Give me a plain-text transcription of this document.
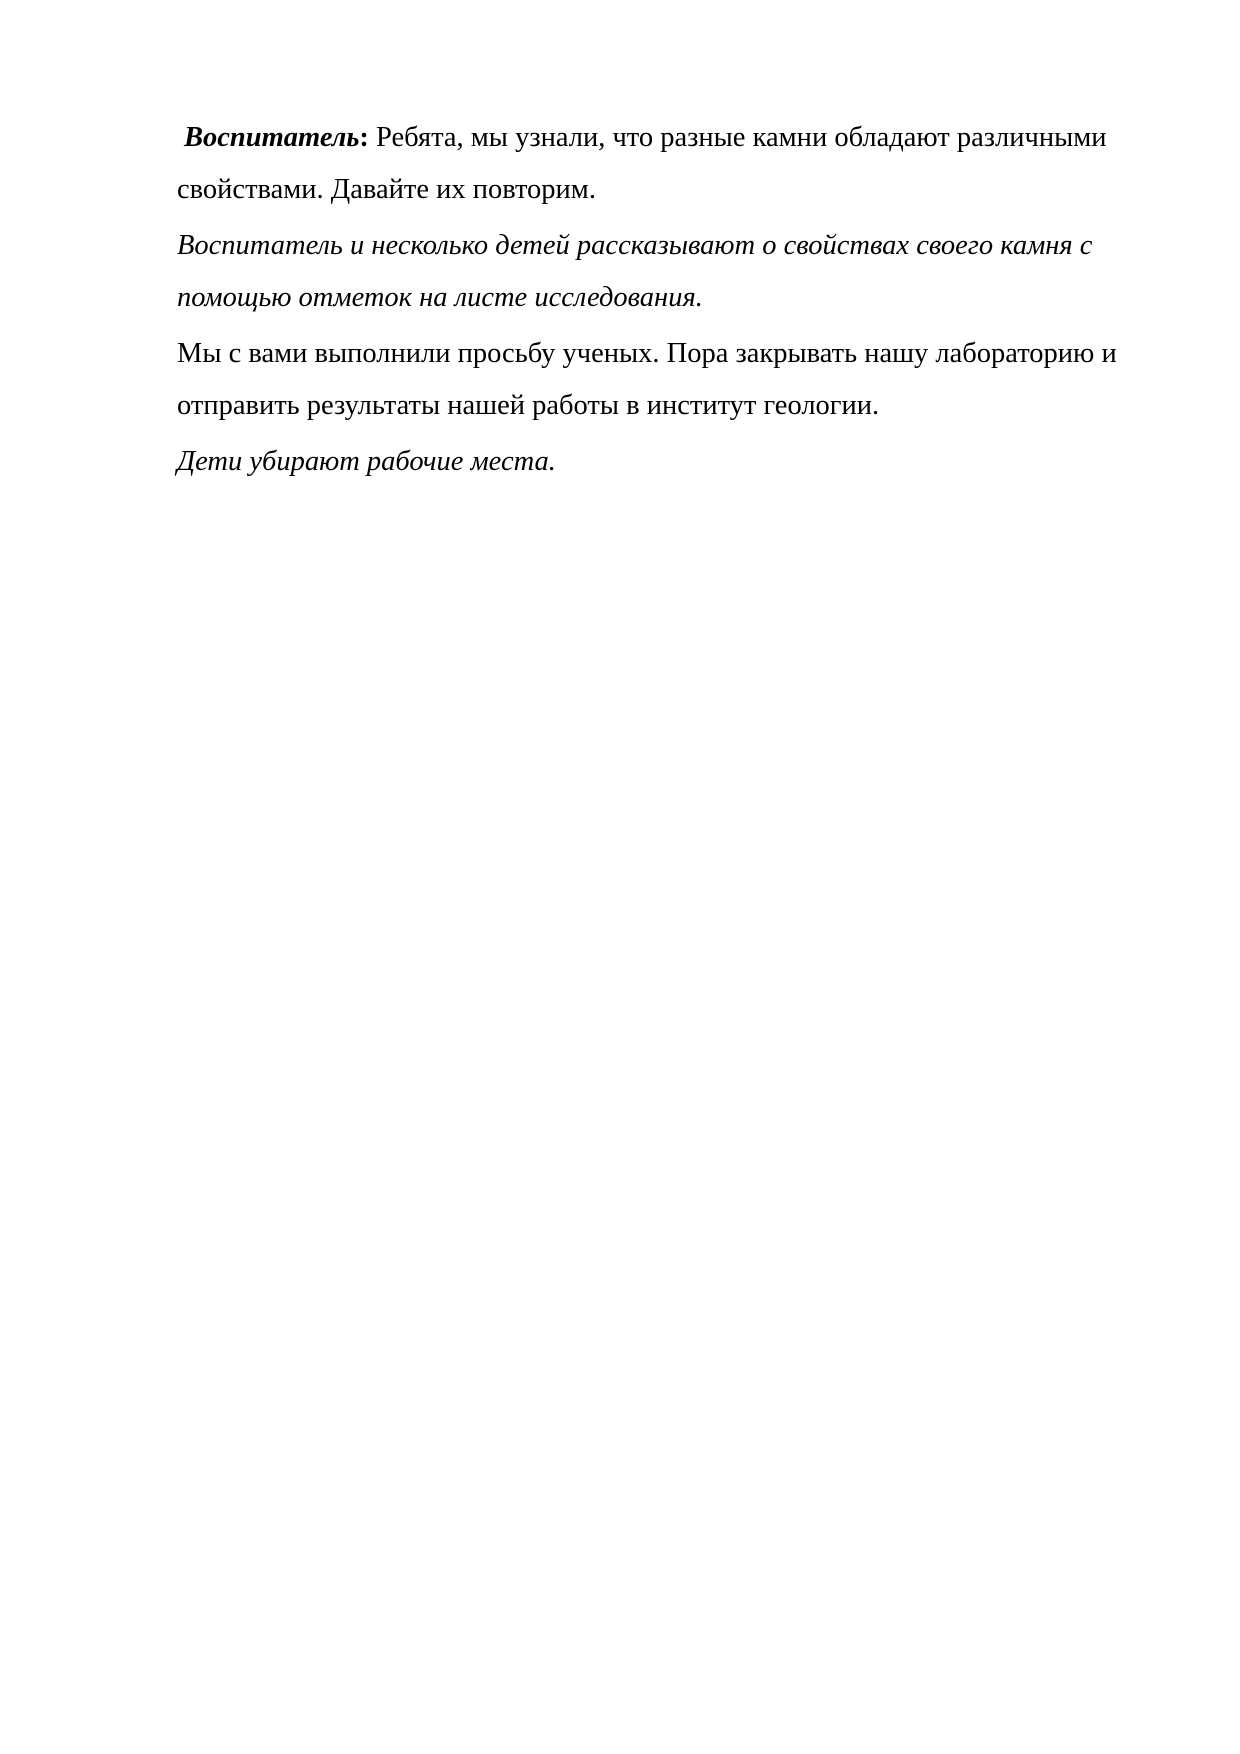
Воспитатель: Ребята, мы узнали, что разные камни обладают различными свойствами. Давайте их повторим.

Воспитатель и несколько детей рассказывают о свойствах своего камня с помощью отметок на листе исследования.

Мы с вами выполнили просьбу ученых. Пора закрывать нашу лабораторию и отправить результаты нашей работы в институт геологии.

Дети убирают рабочие места.
